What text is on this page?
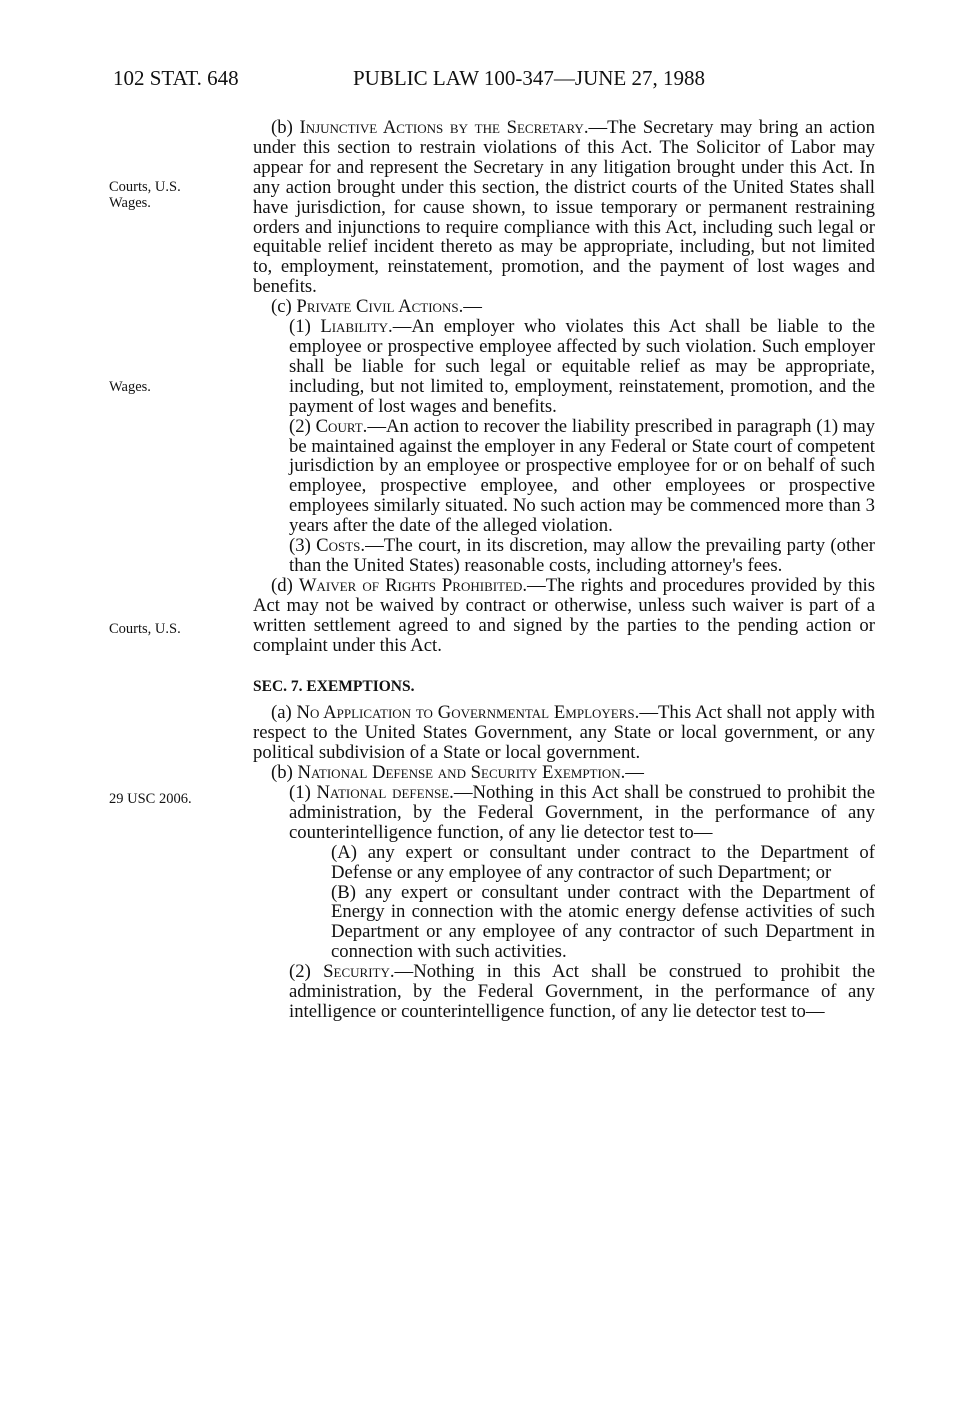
102 STAT. 648	PUBLIC LAW 100-347—JUNE 27, 1988
Courts, U.S.
Wages.
Wages.
Courts, U.S.
29 USC 2006.

(b) Injunctive Actions by the Secretary.—The Secretary may bring an action under this section to restrain violations of this Act. The Solicitor of Labor may appear for and represent the Secretary in any litigation brought under this Act. In any action brought under this section, the district courts of the United States shall have jurisdiction, for cause shown, to issue temporary or permanent restraining orders and injunctions to require compliance with this Act, including such legal or equitable relief incident thereto as may be appropriate, including, but not limited to, employment, reinstatement, promotion, and the payment of lost wages and benefits.

(c) Private Civil Actions.—

(1) Liability.—An employer who violates this Act shall be liable to the employee or prospective employee affected by such violation. Such employer shall be liable for such legal or equitable relief as may be appropriate, including, but not limited to, employment, reinstatement, promotion, and the payment of lost wages and benefits.

(2) Court.—An action to recover the liability prescribed in paragraph (1) may be maintained against the employer in any Federal or State court of competent jurisdiction by an employee or prospective employee for or on behalf of such employee, prospective employee, and other employees or prospective employees similarly situated. No such action may be commenced more than 3 years after the date of the alleged violation.

(3) Costs.—The court, in its discretion, may allow the prevailing party (other than the United States) reasonable costs, including attorney's fees.

(d) Waiver of Rights Prohibited.—The rights and procedures provided by this Act may not be waived by contract or otherwise, unless such waiver is part of a written settlement agreed to and signed by the parties to the pending action or complaint under this Act.

SEC. 7. EXEMPTIONS.

(a) No Application to Governmental Employers.—This Act shall not apply with respect to the United States Government, any State or local government, or any political subdivision of a State or local government.

(b) National Defense and Security Exemption.—

(1) National defense.—Nothing in this Act shall be construed to prohibit the administration, by the Federal Government, in the performance of any counterintelligence function, of any lie detector test to—

(A) any expert or consultant under contract to the Department of Defense or any employee of any contractor of such Department; or

(B) any expert or consultant under contract with the Department of Energy in connection with the atomic energy defense activities of such Department or any employee of any contractor of such Department in connection with such activities.

(2) Security.—Nothing in this Act shall be construed to prohibit the administration, by the Federal Government, in the performance of any intelligence or counterintelligence function, of any lie detector test to—
